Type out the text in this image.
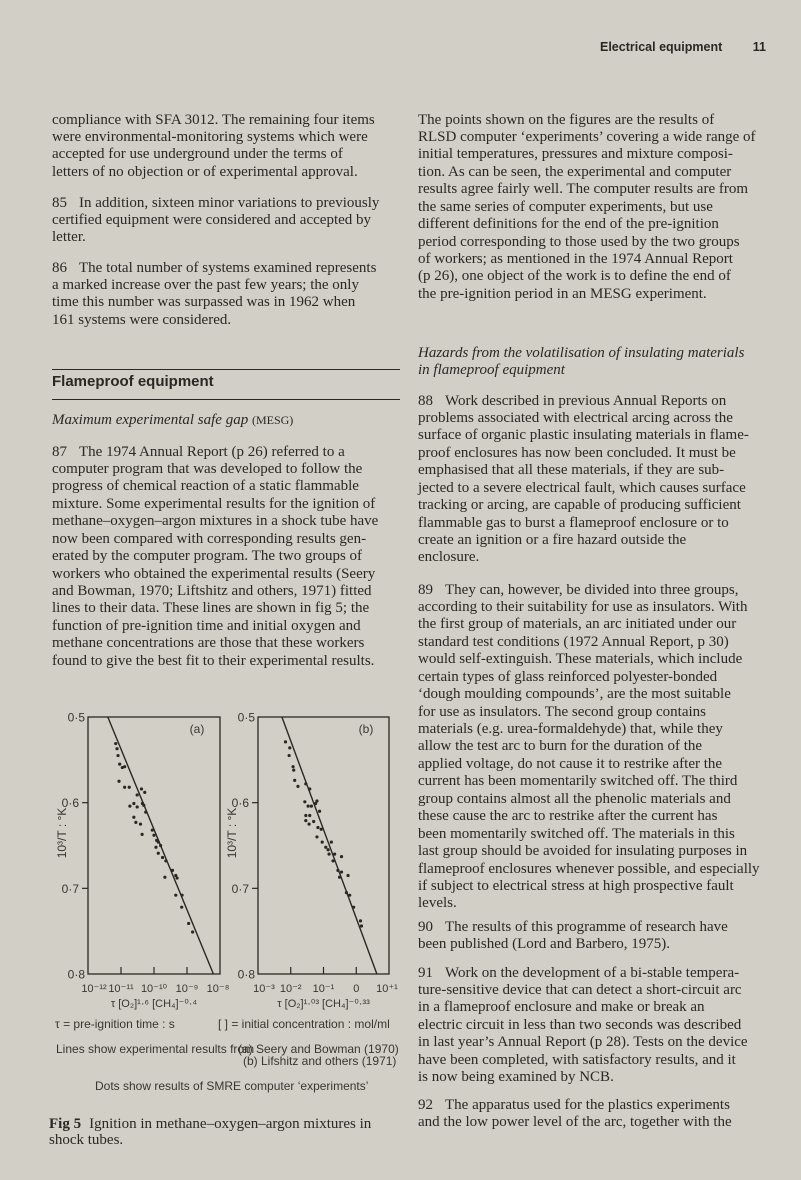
Electrical equipment 11
compliance with SFA 3012. The remaining four items
were environmental-monitoring systems which were
accepted for use underground under the terms of
letters of no objection or of experimental approval.
85 In addition, sixteen minor variations to previously
certified equipment were considered and accepted by
letter.
86 The total number of systems examined represents
a marked increase over the past few years; the only
time this number was surpassed was in 1962 when
161 systems were considered.
Flameproof equipment
Maximum experimental safe gap (MESG)
87 The 1974 Annual Report (p 26) referred to a
computer program that was developed to follow the
progress of chemical reaction of a static flammable
mixture. Some experimental results for the ignition of
methane–oxygen–argon mixtures in a shock tube have
now been compared with corresponding results gen-
erated by the computer program. The two groups of
workers who obtained the experimental results (Seery
and Bowman, 1970; Liftshitz and others, 1971) fitted
lines to their data. These lines are shown in fig 5; the
function of pre-ignition time and initial oxygen and
methane concentrations are those that these workers
found to give the best fit to their experimental results.
0·5
0·6
0·7
0·8
10⁻¹² 10⁻¹¹ 10⁻¹⁰ 10⁻⁹ 10⁻⁸
τ [O₂]¹·⁶ [CH₄]⁻⁰·⁴
10³/T : °K
(a)
0·5
0·6
0·7
0·8
10⁻³ 10⁻² 10⁻¹ 0 10⁺¹
τ [O₂]¹·⁰³ [CH₄]⁻⁰·³³
10³/T : °K
(b)
τ = pre-ignition time : s	[ ] = initial concentration : mol/ml
Lines show experimental results from
(a) Seery and Bowman (1970)
(b) Lifshitz and others (1971)
Dots show results of SMRE computer ‘experiments’
Fig 5 Ignition in methane–oxygen–argon mixtures in shock tubes.
The points shown on the figures are the results of
RLSD computer ‘experiments’ covering a wide range of
initial temperatures, pressures and mixture composi-
tion. As can be seen, the experimental and computer
results agree fairly well. The computer results are from
the same series of computer experiments, but use
different definitions for the end of the pre-ignition
period corresponding to those used by the two groups
of workers; as mentioned in the 1974 Annual Report
(p 26), one object of the work is to define the end of
the pre-ignition period in an MESG experiment.
Hazards from the volatilisation of insulating materials
in flameproof equipment
88 Work described in previous Annual Reports on
problems associated with electrical arcing across the
surface of organic plastic insulating materials in flame-
proof enclosures has now been concluded. It must be
emphasised that all these materials, if they are sub-
jected to a severe electrical fault, which causes surface
tracking or arcing, are capable of producing sufficient
flammable gas to burst a flameproof enclosure or to
create an ignition or a fire hazard outside the
enclosure.
89 They can, however, be divided into three groups,
according to their suitability for use as insulators. With
the first group of materials, an arc initiated under our
standard test conditions (1972 Annual Report, p 30)
would self-extinguish. These materials, which include
certain types of glass reinforced polyester-bonded
‘dough moulding compounds’, are the most suitable
for use as insulators. The second group contains
materials (e.g. urea-formaldehyde) that, while they
allow the test arc to burn for the duration of the
applied voltage, do not cause it to restrike after the
current has been momentarily switched off. The third
group contains almost all the phenolic materials and
these cause the arc to restrike after the current has
been momentarily switched off. The materials in this
last group should be avoided for insulating purposes in
flameproof enclosures whenever possible, and especially
if subject to electrical stress at high prospective fault
levels.
90 The results of this programme of research have
been published (Lord and Barbero, 1975).
91 Work on the development of a bi-stable tempera-
ture-sensitive device that can detect a short-circuit arc
in a flameproof enclosure and make or break an
electric circuit in less than two seconds was described
in last year’s Annual Report (p 28). Tests on the device
have been completed, with satisfactory results, and it
is now being examined by NCB.
92 The apparatus used for the plastics experiments
and the low power level of the arc, together with the
